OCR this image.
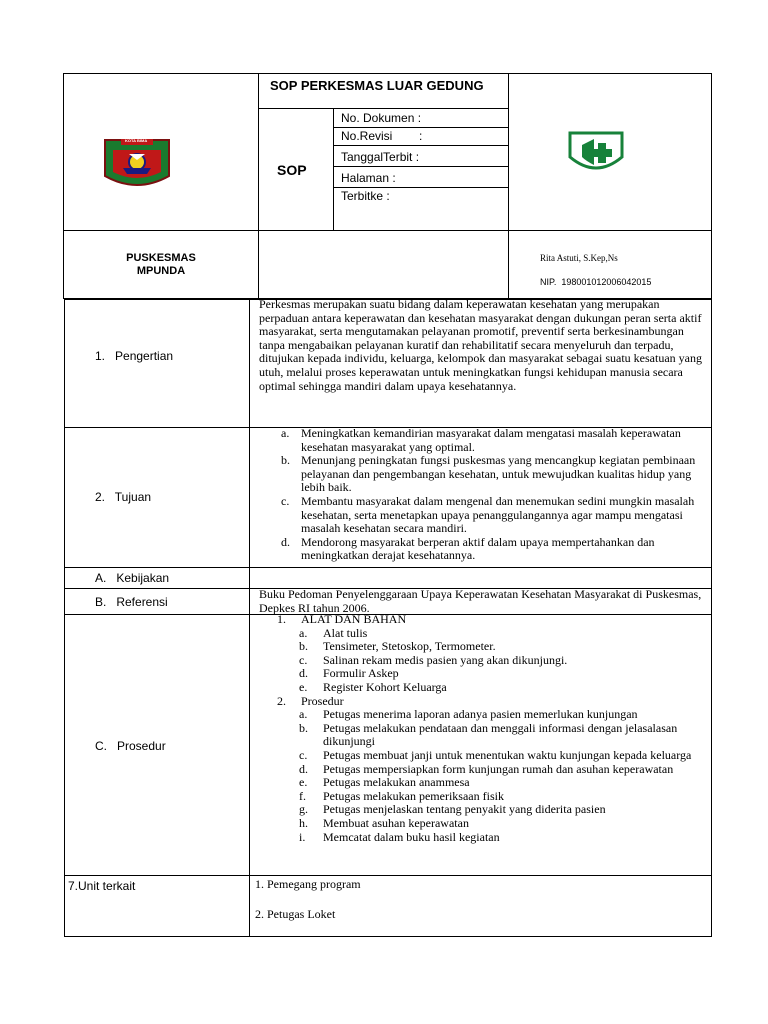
KOTA BIMA
SOP PERKESMAS LUAR GEDUNG
SOP
No. Dokumen :
No.Revisi        :
TanggalTerbit :
Halaman :
Terbitke :
PUSKESMAS
MPUNDA
Rita Astuti, S.Kep,Ns
NIP.  198001012006042015
1.   Pengertian
Perkesmas merupakan suatu bidang dalam keperawatan kesehatan yang merupakan perpaduan antara keperawatan dan kesehatan masyarakat dengan dukungan peran serta aktif masyarakat, serta mengutamakan pelayanan promotif, preventif serta berkesinambungan tanpa mengabaikan pelayanan kuratif dan rehabilitatif secara menyeluruh dan terpadu, ditujukan kepada individu, keluarga, kelompok dan masyarakat sebagai suatu kesatuan yang utuh, melalui proses keperawatan untuk meningkatkan fungsi kehidupan manusia secara optimal sehingga mandiri dalam upaya kesehatannya.
2.   Tujuan
a. Meningkatkan kemandirian masyarakat dalam mengatasi masalah keperawatan kesehatan masyarakat yang optimal.
b. Menunjang peningkatan fungsi puskesmas yang mencangkup kegiatan pembinaan pelayanan dan pengembangan kesehatan, untuk mewujudkan kualitas hidup yang lebih baik.
c. Membantu masyarakat dalam mengenal dan menemukan sedini mungkin masalah kesehatan, serta menetapkan upaya penanggulangannya agar mampu mengatasi masalah kesehatan secara mandiri.
d. Mendorong masyarakat berperan aktif dalam upaya mempertahankan dan meningkatkan derajat kesehatannya.
A.   Kebijakan
B.   Referensi
Buku Pedoman Penyelenggaraan Upaya Keperawatan Kesehatan Masyarakat di Puskesmas, Depkes RI tahun 2006.
C.   Prosedur
1. ALAT DAN BAHAN
a. Alat tulis
b. Tensimeter, Stetoskop, Termometer.
c. Salinan rekam medis pasien yang akan dikunjungi.
d. Formulir Askep
e. Register Kohort Keluarga
2. Prosedur
a. Petugas menerima laporan adanya pasien memerlukan kunjungan
b. Petugas melakukan pendataan dan menggali informasi dengan jelasalasan dikunjungi
c. Petugas membuat janji untuk menentukan waktu kunjungan kepada keluarga
d. Petugas mempersiapkan form kunjungan rumah dan asuhan keperawatan
e. Petugas melakukan anammesa
f. Petugas melakukan pemeriksaan fisik
g. Petugas menjelaskan tentang penyakit yang diderita pasien
h. Membuat asuhan keperawatan
i. Memcatat dalam buku hasil kegiatan
7.Unit terkait	1. Pemegang program
2. Petugas Loket
